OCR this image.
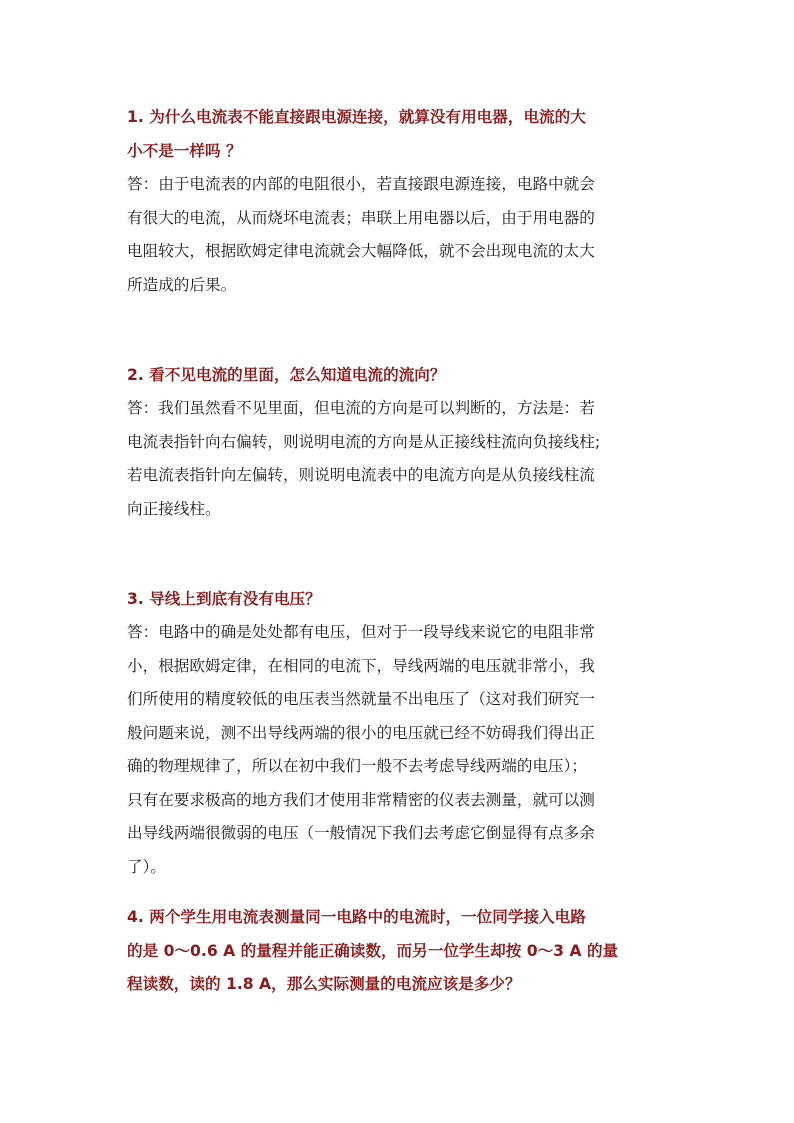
1. 为什么电流表不能直接跟电源连接，就算没有用电器，电流的大
小不是一样吗 ？
答：由于电流表的内部的电阻很小，若直接跟电源连接，电路中就会
有很大的电流，从而烧坏电流表；串联上用电器以后，由于用电器的
电阻较大，根据欧姆定律电流就会大幅降低，就不会出现电流的太大
所造成的后果。
2. 看不见电流的里面，怎么知道电流的流向？
答：我们虽然看不见里面，但电流的方向是可以判断的，方法是：若
电流表指针向右偏转，则说明电流的方向是从正接线柱流向负接线柱;
若电流表指针向左偏转，则说明电流表中的电流方向是从负接线柱流
向正接线柱。
3. 导线上到底有没有电压？
答：电路中的确是处处都有电压，但对于一段导线来说它的电阻非常
小，根据欧姆定律，在相同的电流下，导线两端的电压就非常小，我
们所使用的精度较低的电压表当然就量不出电压了（这对我们研究一
般问题来说，测不出导线两端的很小的电压就已经不妨碍我们得出正
确的物理规律了，所以在初中我们一般不去考虑导线两端的电压）；
只有在要求极高的地方我们才使用非常精密的仪表去测量，就可以测
出导线两端很微弱的电压（一般情况下我们去考虑它倒显得有点多余
了）。
4. 两个学生用电流表测量同一电路中的电流时，一位同学接入电路
的是 0～0.6 A 的量程并能正确读数，而另一位学生却按 0～3 A 的量
程读数，读的 1.8 A，那么实际测量的电流应该是多少？
